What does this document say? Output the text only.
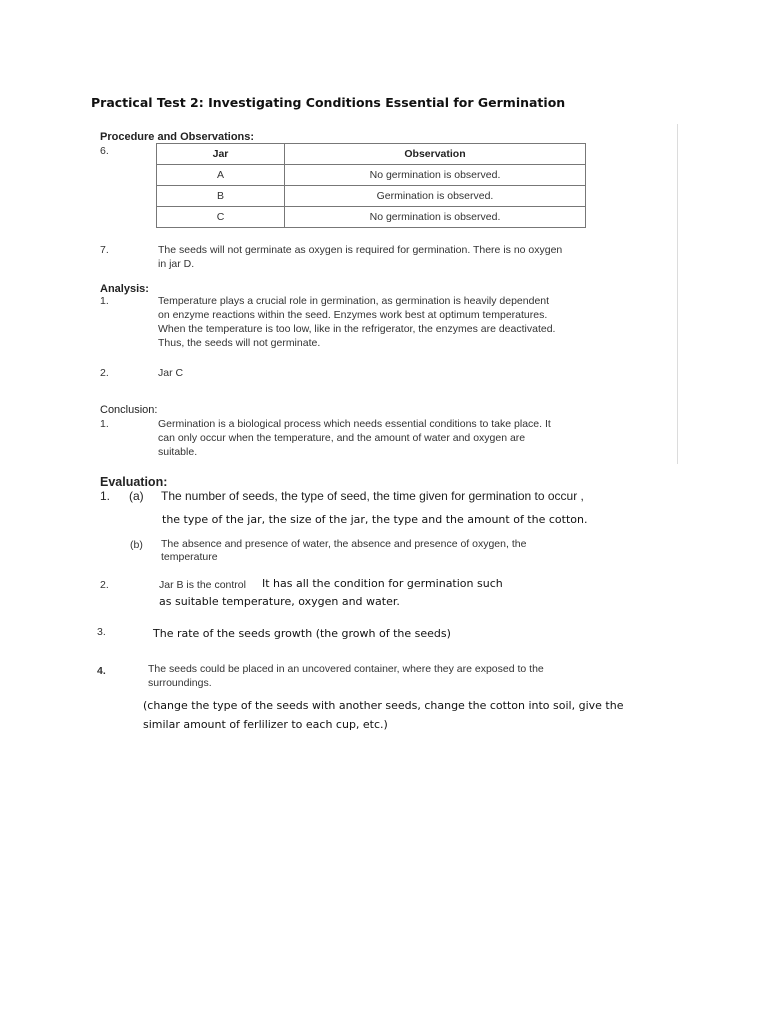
Practical Test 2: Investigating Conditions Essential for Germination
Procedure and Observations:
6.	Jar	Observation
A	No germination is observed.
B	Germination is observed.
C	No germination is observed.
7.	The seeds will not germinate as oxygen is required for germination. There is no oxygen
in jar D.
Analysis:
1.	Temperature plays a crucial role in germination, as germination is heavily dependent
on enzyme reactions within the seed. Enzymes work best at optimum temperatures.
When the temperature is too low, like in the refrigerator, the enzymes are deactivated.
Thus, the seeds will not germinate.
2.	Jar C
Conclusion:
1.	Germination is a biological process which needs essential conditions to take place. It
can only occur when the temperature, and the amount of water and oxygen are
suitable.
Evaluation:
1. (a) The number of seeds, the type of seed, the time given for germination to occur ,
the type of the jar, the size of the jar, the type and the amount of the cotton.
(b) The absence and presence of water, the absence and presence of oxygen, the
temperature
2.	Jar B is the control It has all the condition for germination such
as suitable temperature, oxygen and water.
3.	The rate of the seeds growth (the growh of the seeds)
4.	The seeds could be placed in an uncovered container, where they are exposed to the
surroundings.
(change the type of the seeds with another seeds, change the cotton into soil, give the
similar amount of ferlilizer to each cup, etc.)
